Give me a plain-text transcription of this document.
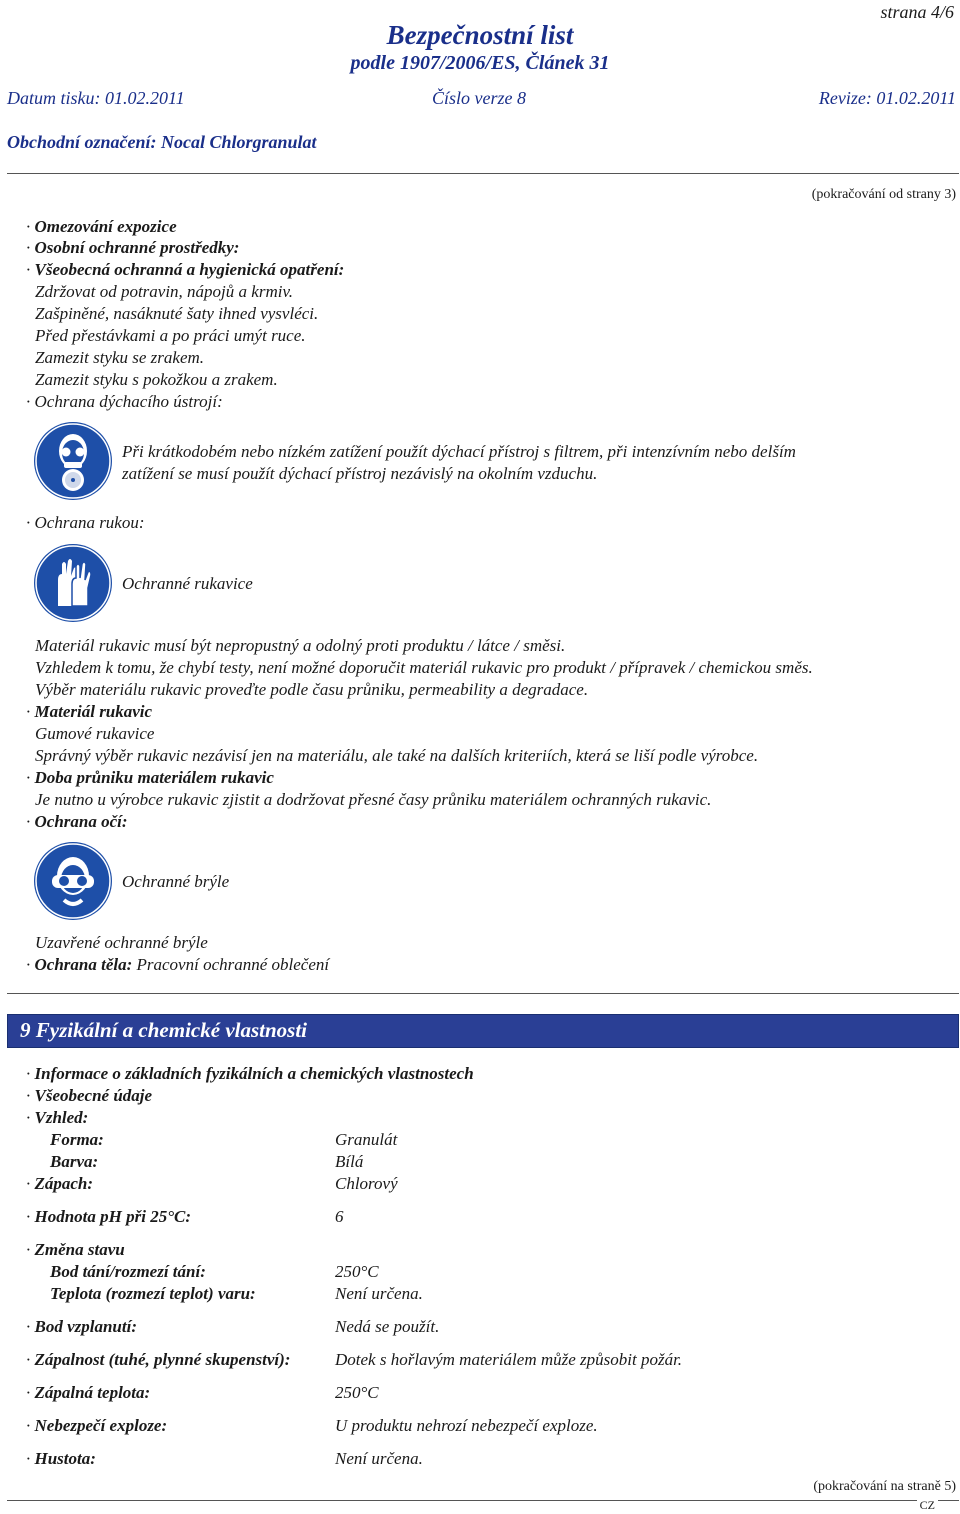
strana 4/6
Bezpečnostní list
podle 1907/2006/ES, Článek 31
Datum tisku: 01.02.2011	Číslo verze 8	Revize: 01.02.2011
Obchodní označení: Nocal Chlorgranulat
(pokračování od strany 3)
· Omezování expozice
· Osobní ochranné prostředky:
· Všeobecná ochranná a hygienická opatření:
Zdržovat od potravin, nápojů a krmiv.
Zašpiněné, nasáknuté šaty ihned vysvléci.
Před přestávkami a po práci umýt ruce.
Zamezit styku se zrakem.
Zamezit styku s pokožkou a zrakem.
· Ochrana dýchacího ústrojí:
Při krátkodobém nebo nízkém zatížení použít dýchací přístroj s filtrem, při intenzívním nebo delším
zatížení se musí použít dýchací přístroj nezávislý na okolním vzduchu.
· Ochrana rukou:
Ochranné rukavice
Materiál rukavic musí být nepropustný a odolný proti produktu / látce / směsi.
Vzhledem k tomu, že chybí testy, není možné doporučit materiál rukavic pro produkt / přípravek / chemickou směs.
Výběr materiálu rukavic proveďte podle času průniku, permeability a degradace.
· Materiál rukavic
Gumové rukavice
Správný výběr rukavic nezávisí jen na materiálu, ale také na dalších kriteriích, která se liší podle výrobce.
· Doba průniku materiálem rukavic
Je nutno u výrobce rukavic zjistit a dodržovat přesné časy průniku materiálem ochranných rukavic.
· Ochrana očí:
Ochranné brýle
Uzavřené ochranné brýle
· Ochrana těla: Pracovní ochranné oblečení
9 Fyzikální a chemické vlastnosti
· Informace o základních fyzikálních a chemických vlastnostech
· Všeobecné údaje
· Vzhled:
Forma:	Granulát
Barva:	Bílá
· Zápach:	Chlorový
· Hodnota pH při 25°C:	6
· Změna stavu
Bod tání/rozmezí tání:	250°C
Teplota (rozmezí teplot) varu:	Není určena.
· Bod vzplanutí:	Nedá se použít.
· Zápalnost (tuhé, plynné skupenství):	Dotek s hořlavým materiálem může způsobit požár.
· Zápalná teplota:	250°C
· Nebezpečí exploze:	U produktu nehrozí nebezpečí exploze.
· Hustota:	Není určena.
(pokračování na straně 5)
CZ
